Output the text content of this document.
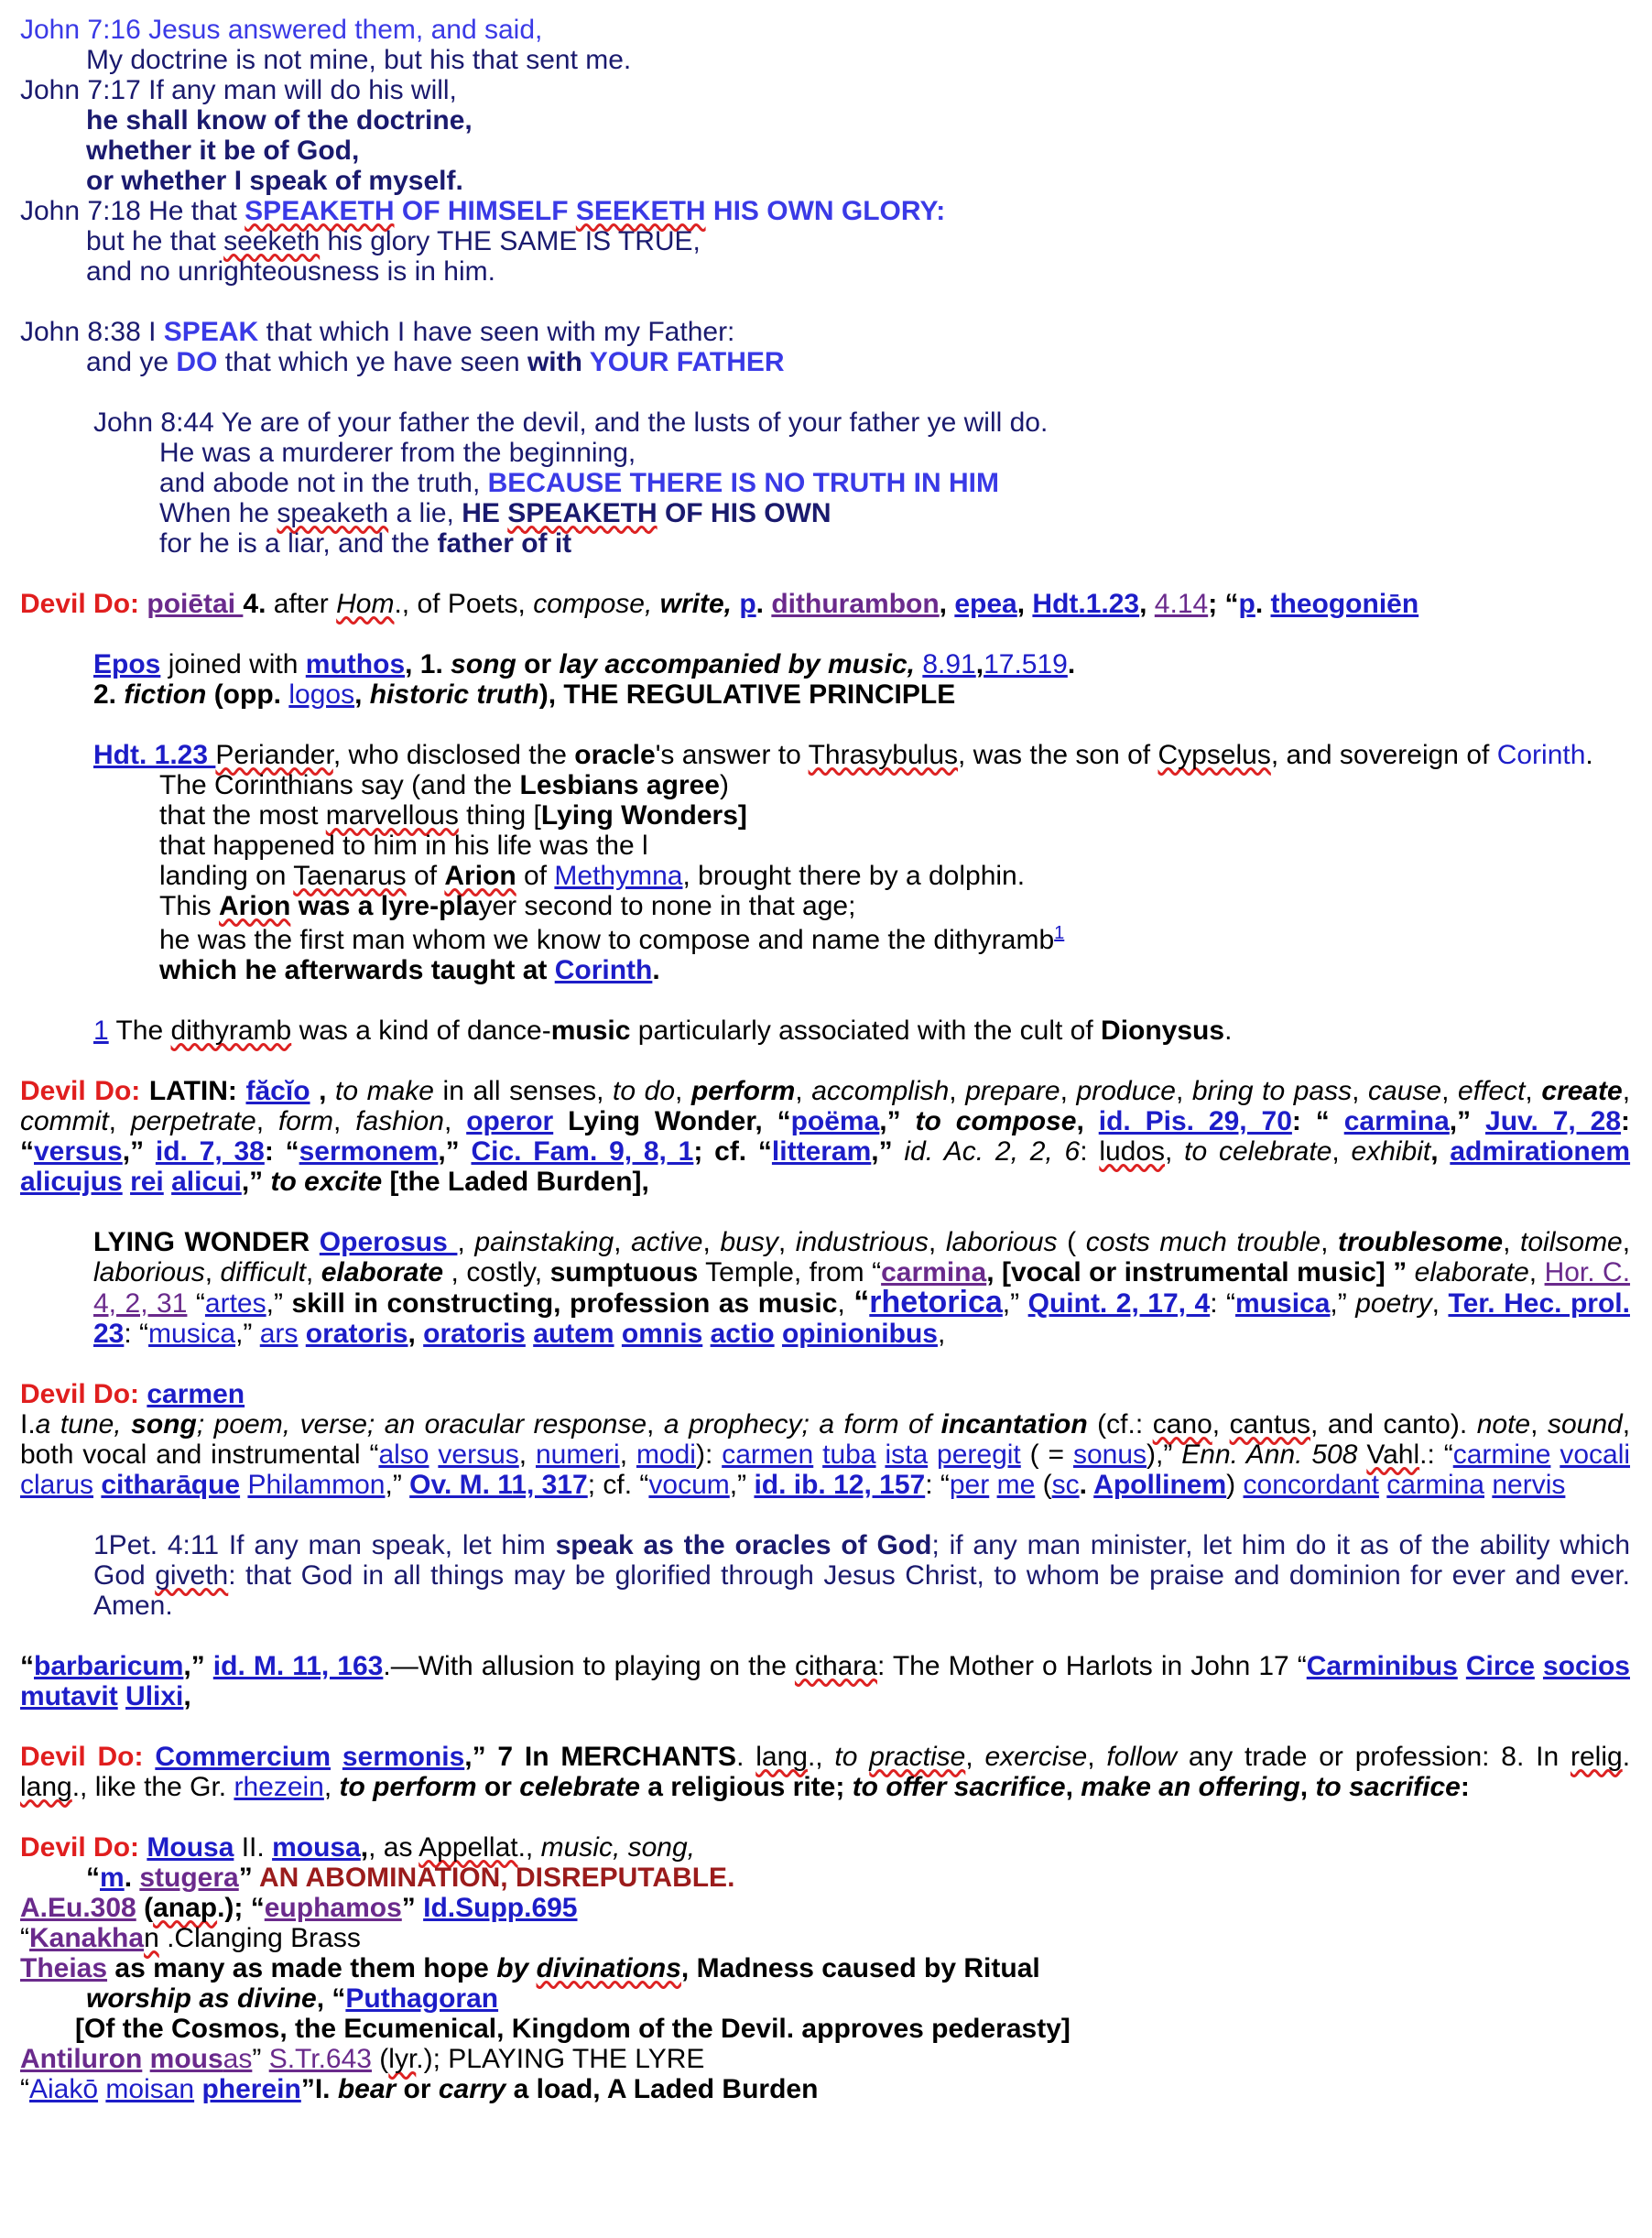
John 7:16 Jesus answered them, and said,
My doctrine is not mine, but his that sent me.
John 7:17 If any man will do his will,
he shall know of the doctrine,
whether it be of God,
or whether I speak of myself.
John 7:18 He that SPEAKETH OF HIMSELF SEEKETH HIS OWN GLORY:
but he that seeketh his glory THE SAME IS TRUE,
and no unrighteousness is in him.
John 8:38 I SPEAK that which I have seen with my Father:
and ye DO that which ye have seen with YOUR FATHER
John 8:44 Ye are of your father the devil, and the lusts of your father ye will do.
He was a murderer from the beginning,
and abode not in the truth, BECAUSE THERE IS NO TRUTH IN HIM
When he speaketh a lie, HE SPEAKETH OF HIS OWN
for he is a liar, and the father of it
Devil Do: poiētai 4. after Hom., of Poets, compose, write, p. dithurambon, epea, Hdt.1.23, 4.14; “p. theogoniēn
Epos joined with muthos, 1. song or lay accompanied by music, 8.91,17.519.
2. fiction (opp. logos, historic truth), THE REGULATIVE PRINCIPLE
Hdt. 1.23 Periander, who disclosed the oracle's answer to Thrasybulus, was the son of Cypselus, and sovereign of Corinth.
The Corinthians say (and the Lesbians agree)
that the most marvellous thing [Lying Wonders]
that happened to him in his life was the l
landing on Taenarus of Arion of Methymna, brought there by a dolphin.
This Arion was a lyre-player second to none in that age;
he was the first man whom we know to compose and name the dithyramb$^1$
which he afterwards taught at Corinth.
1 The dithyramb was a kind of dance-music particularly associated with the cult of Dionysus.
Devil Do: LATIN: făcĭo , to make in all senses, to do, perform, accomplish, prepare, produce, bring to pass, cause, effect, create, commit, perpetrate, form, fashion, operor Lying Wonder, “poëma,” to compose, id. Pis. 29, 70: “ carmina,” Juv. 7, 28: “versus,” id. 7, 38: “sermonem,” Cic. Fam. 9, 8, 1; cf. “litteram,” id. Ac. 2, 2, 6: ludos, to celebrate, exhibit, admirationem alicujus rei alicui,” to excite [the Laded Burden],
LYING WONDER Operosus , painstaking, active, busy, industrious, laborious ( costs much trouble, troublesome, toilsome, laborious, difficult, elaborate , costly, sumptuous Temple, from “carmina, [vocal or instrumental music] ” elaborate, Hor. C. 4, 2, 31 “artes,” skill in constructing, profession as music, “rhetorica,” Quint. 2, 17, 4: “musica,” poetry, Ter. Hec. prol. 23: “musica,” ars oratoris, oratoris autem omnis actio opinionibus,
Devil Do: carmen
I.a tune, song; poem, verse; an oracular response, a prophecy; a form of incantation (cf.: cano, cantus, and canto). note, sound, both vocal and instrumental “also versus, numeri, modi): carmen tuba ista peregit ( = sonus),” Enn. Ann. 508 Vahl.: “carmine vocali clarus citharāque Philammon,” Ov. M. 11, 317; cf. “vocum,” id. ib. 12, 157: “per me (sc. Apollinem) concordant carmina nervis
1Pet. 4:11 If any man speak, let him speak as the oracles of God; if any man minister, let him do it as of the ability which God giveth: that God in all things may be glorified through Jesus Christ, to whom be praise and dominion for ever and ever. Amen.
“barbaricum,” id. M. 11, 163.—With allusion to playing on the cithara: The Mother o Harlots in John 17 “Carminibus Circe socios mutavit Ulixi,
Devil Do: Commercium sermonis,” 7 In MERCHANTS. lang., to practise, exercise, follow any trade or profession: 8. In relig. lang., like the Gr. rhezein, to perform or celebrate a religious rite; to offer sacrifice, make an offering, to sacrifice:
Devil Do: Mousa II. mousa,, as Appellat., music, song,
“m. stugera” AN ABOMINATION, DISREPUTABLE.
A.Eu.308 (anap.); “euphamos” Id.Supp.695
“Kanakhan .Clanging Brass
Theias as many as made them hope by divinations, Madness caused by Ritual
worship as divine, “Puthagoran
[Of the Cosmos, the Ecumenical, Kingdom of the Devil. approves pederasty]
Antiluron mousas” S.Tr.643 (lyr.); PLAYING THE LYRE
“Aiakō moisan pherein”I. bear or carry a load, A Laded Burden
